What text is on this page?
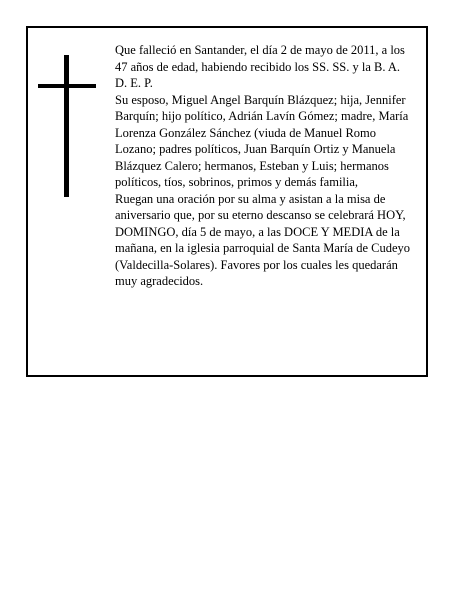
Que falleció en Santander, el día 2 de mayo de 2011, a los 47 años de edad, habiendo recibido los SS. SS. y la B. A.

D. E. P.

Su esposo, Miguel Angel Barquín Blázquez; hija, Jennifer Barquín; hijo político, Adrián Lavín Gómez; madre, María Lorenza González Sánchez (viuda de Manuel Romo Lozano; padres políticos, Juan Barquín Ortiz y Manuela Blázquez Calero; hermanos, Esteban y Luis; hermanos políticos, tíos, sobrinos, primos y demás familia,

Ruegan una oración por su alma y asistan a la misa de aniversario que, por su eterno descanso se celebrará HOY, DOMINGO, día 5 de mayo, a las DOCE Y MEDIA de la mañana, en la iglesia parroquial de Santa María de Cudeyo (Valdecilla-Solares). Favores por los cuales les quedarán muy agradecidos.
